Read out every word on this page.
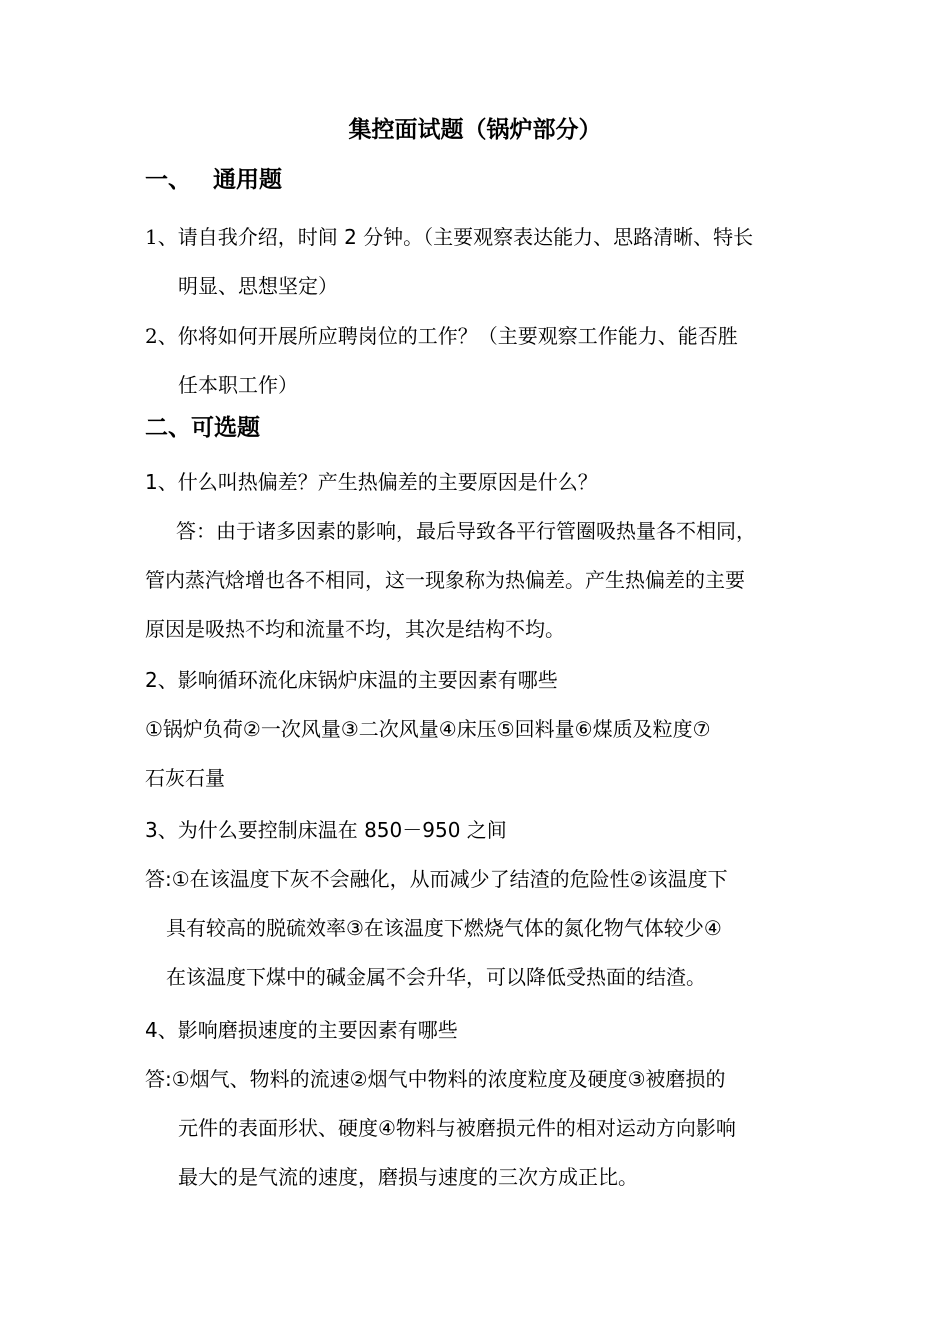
集控面试题（锅炉部分）
一、 通用题
1、请自我介绍，时间 2 分钟。（主要观察表达能力、思路清晰、特长
明显、思想坚定）
2、你将如何开展所应聘岗位的工作？（主要观察工作能力、能否胜
任本职工作）
二、可选题
1、什么叫热偏差？产生热偏差的主要原因是什么？
答：由于诸多因素的影响，最后导致各平行管圈吸热量各不相同，
管内蒸汽焓增也各不相同，这一现象称为热偏差。产生热偏差的主要
原因是吸热不均和流量不均，其次是结构不均。
2、影响循环流化床锅炉床温的主要因素有哪些
①锅炉负荷②一次风量③二次风量④床压⑤回料量⑥煤质及粒度⑦
石灰石量
3、为什么要控制床温在 850－950 之间
答:①在该温度下灰不会融化，从而减少了结渣的危险性②该温度下
具有较高的脱硫效率③在该温度下燃烧气体的氮化物气体较少④
在该温度下煤中的碱金属不会升华，可以降低受热面的结渣。
4、影响磨损速度的主要因素有哪些
答:①烟气、物料的流速②烟气中物料的浓度粒度及硬度③被磨损的
元件的表面形状、硬度④物料与被磨损元件的相对运动方向影响
最大的是气流的速度，磨损与速度的三次方成正比。
